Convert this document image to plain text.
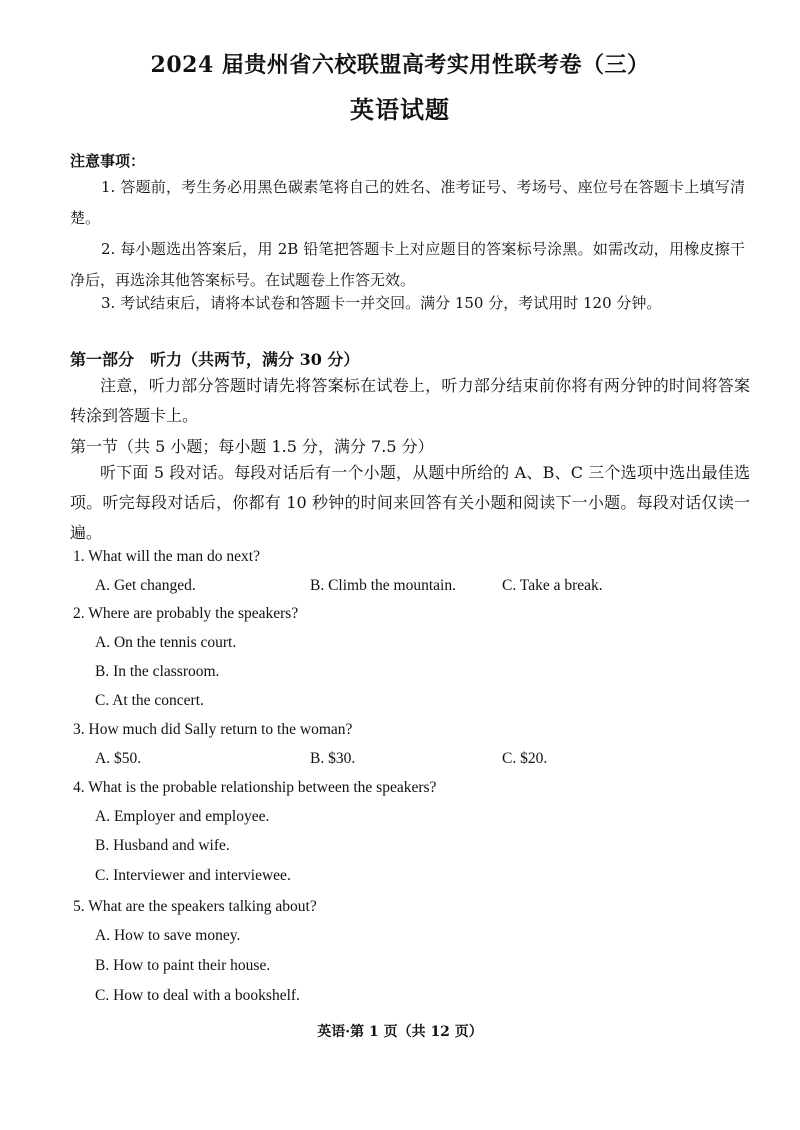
2024 届贵州省六校联盟高考实用性联考卷（三）
英语试题
注意事项：
1. 答题前，考生务必用黑色碳素笔将自己的姓名、准考证号、考场号、座位号在答题卡上填写清楚。
2. 每小题选出答案后，用 2B 铅笔把答题卡上对应题目的答案标号涂黑。如需改动，用橡皮擦干净后，再选涂其他答案标号。在试题卷上作答无效。
3. 考试结束后，请将本试卷和答题卡一并交回。满分 150 分，考试用时 120 分钟。
第一部分　听力（共两节，满分 30 分）
注意，听力部分答题时请先将答案标在试卷上，听力部分结束前你将有两分钟的时间将答案转涂到答题卡上。
第一节（共 5 小题；每小题 1.5 分，满分 7.5 分）
听下面 5 段对话。每段对话后有一个小题，从题中所给的 A、B、C 三个选项中选出最佳选项。听完每段对话后，你都有 10 秒钟的时间来回答有关小题和阅读下一小题。每段对话仅读一遍。
1. What will the man do next?
A. Get changed.	B. Climb the mountain.	C. Take a break.
2. Where are probably the speakers?
A. On the tennis court.
B. In the classroom.
C. At the concert.
3. How much did Sally return to the woman?
A. $50.	B. $30.	C. $20.
4. What is the probable relationship between the speakers?
A. Employer and employee.
B. Husband and wife.
C. Interviewer and interviewee.
5. What are the speakers talking about?
A. How to save money.
B. How to paint their house.
C. How to deal with a bookshelf.
英语·第 1 页（共 12 页）
